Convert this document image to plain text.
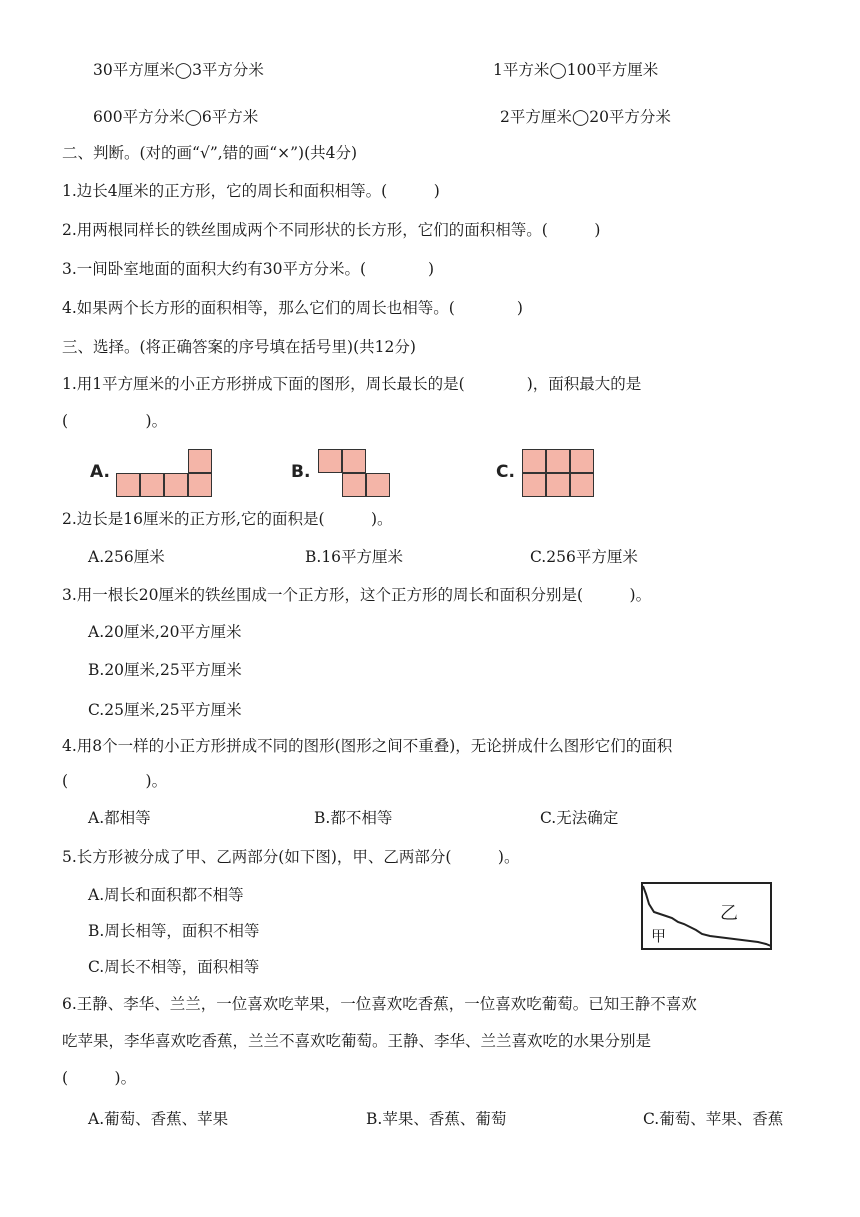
30平方厘米◯3平方分米	1平方米◯100平方厘米
600平方分米◯6平方米	2平方厘米◯20平方分米
二、判断。(对的画“√”,错的画“×”)(共4分)
1.边长4厘米的正方形，它的周长和面积相等。(　　　)
2.用两根同样长的铁丝围成两个不同形状的长方形，它们的面积相等。(　　　)
3.一间卧室地面的面积大约有30平方分米。(　　　　)
4.如果两个长方形的面积相等，那么它们的周长也相等。(　　　　)
三、选择。(将正确答案的序号填在括号里)(共12分)
1.用1平方厘米的小正方形拼成下面的图形，周长最长的是(　　　　)，面积最大的是
(　　　　　)。
A.	B.	C.
2.边长是16厘米的正方形,它的面积是(　　　)。
A.256厘米	B.16平方厘米	C.256平方厘米
3.用一根长20厘米的铁丝围成一个正方形，这个正方形的周长和面积分别是(　　　)。
A.20厘米,20平方厘米
B.20厘米,25平方厘米
C.25厘米,25平方厘米
4.用8个一样的小正方形拼成不同的图形(图形之间不重叠)，无论拼成什么图形它们的面积
(　　　　　)。
A.都相等	B.都不相等	C.无法确定
5.长方形被分成了甲、乙两部分(如下图)，甲、乙两部分(　　　)。
A.周长和面积都不相等
B.周长相等，面积不相等
C.周长不相等，面积相等
乙
甲
6.王静、李华、兰兰，一位喜欢吃苹果，一位喜欢吃香蕉，一位喜欢吃葡萄。已知王静不喜欢
吃苹果，李华喜欢吃香蕉，兰兰不喜欢吃葡萄。王静、李华、兰兰喜欢吃的水果分别是
(　　　)。
A.葡萄、香蕉、苹果	B.苹果、香蕉、葡萄	C.葡萄、苹果、香蕉
